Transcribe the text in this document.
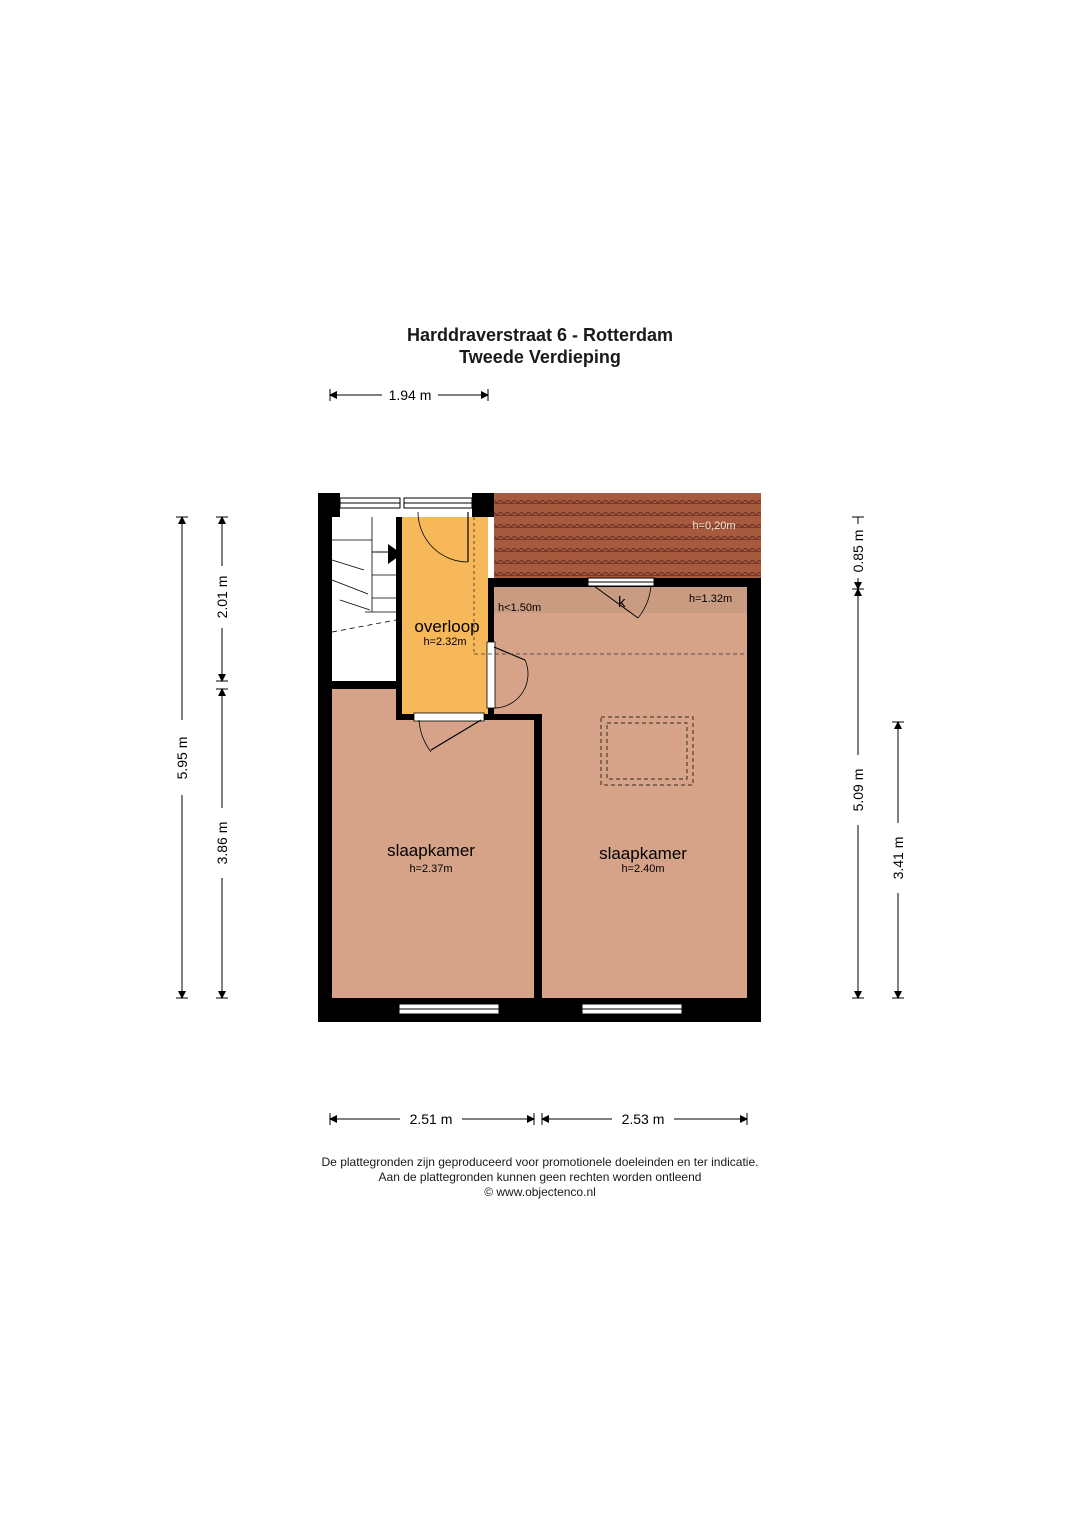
Harddraverstraat 6 - Rotterdam
Tweede Verdieping
overloop
h=2.32m
slaapkamer
h=2.37m
slaapkamer
h=2.40m
h=0,20m
h<1.50m
h=1.32m
k
1.94 m
5.95 m
2.01 m
3.86 m
0.85 m
5.09 m
3.41 m
2.51 m	2.53 m
De plattegronden zijn geproduceerd voor promotionele doeleinden en ter indicatie.
Aan de plattegronden kunnen geen rechten worden ontleend
© www.objectenco.nl
